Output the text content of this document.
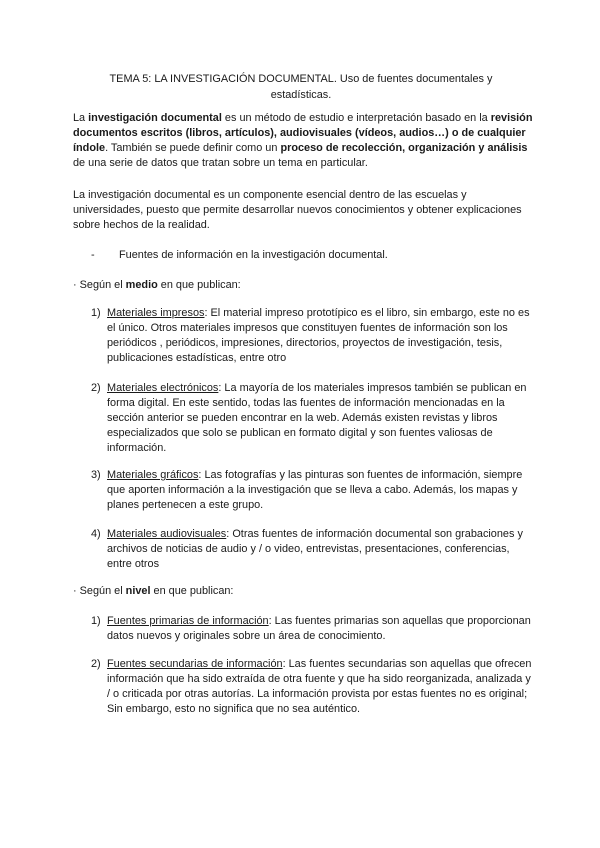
TEMA 5: LA INVESTIGACIÓN DOCUMENTAL. Uso de fuentes documentales y estadísticas.
La investigación documental es un método de estudio e interpretación basado en la revisión documentos escritos (libros, artículos), audiovisuales (vídeos, audios…) o de cualquier índole. También se puede definir como un proceso de recolección, organización y análisis de una serie de datos que tratan sobre un tema en particular.
La investigación documental es un componente esencial dentro de las escuelas y universidades, puesto que permite desarrollar nuevos conocimientos y obtener explicaciones sobre hechos de la realidad.
- Fuentes de información en la investigación documental.
· Según el medio en que publican:
1) Materiales impresos: El material impreso prototípico es el libro, sin embargo, este no es el único. Otros materiales impresos que constituyen fuentes de información son los periódicos , periódicos, impresiones, directorios, proyectos de investigación, tesis, publicaciones estadísticas, entre otro
2) Materiales electrónicos: La mayoría de los materiales impresos también se publican en forma digital. En este sentido, todas las fuentes de información mencionadas en la sección anterior se pueden encontrar en la web. Además existen revistas y libros especializados que solo se publican en formato digital y son fuentes valiosas de información.
3) Materiales gráficos: Las fotografías y las pinturas son fuentes de información, siempre que aporten información a la investigación que se lleva a cabo. Además, los mapas y planes pertenecen a este grupo.
4) Materiales audiovisuales: Otras fuentes de información documental son grabaciones y archivos de noticias de audio y / o video, entrevistas, presentaciones, conferencias, entre otros
· Según el nivel en que publican:
1) Fuentes primarias de información: Las fuentes primarias son aquellas que proporcionan datos nuevos y originales sobre un área de conocimiento.
2) Fuentes secundarias de información: Las fuentes secundarias son aquellas que ofrecen información que ha sido extraída de otra fuente y que ha sido reorganizada, analizada y / o criticada por otras autorías. La información provista por estas fuentes no es original; Sin embargo, esto no significa que no sea auténtico.
